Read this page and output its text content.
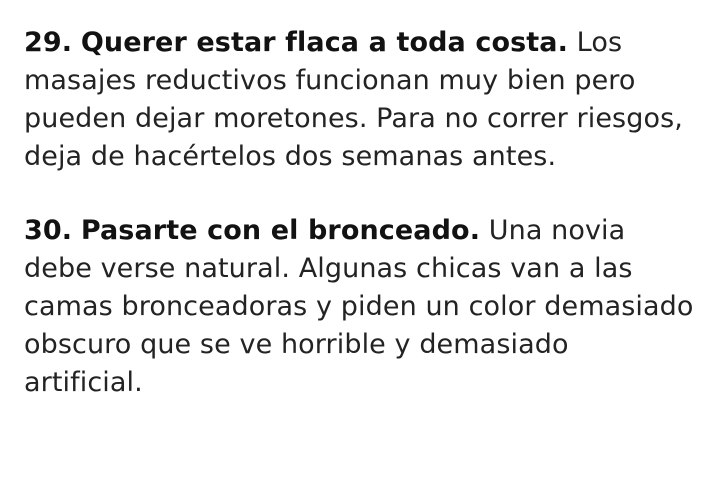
29. Querer estar flaca a toda costa. Los masajes reductivos funcionan muy bien pero pueden dejar moretones. Para no correr riesgos, deja de hacértelos dos semanas antes.

30. Pasarte con el bronceado. Una novia debe verse natural. Algunas chicas van a las camas bronceadoras y piden un color demasiado obscuro que se ve horrible y demasiado artificial.
